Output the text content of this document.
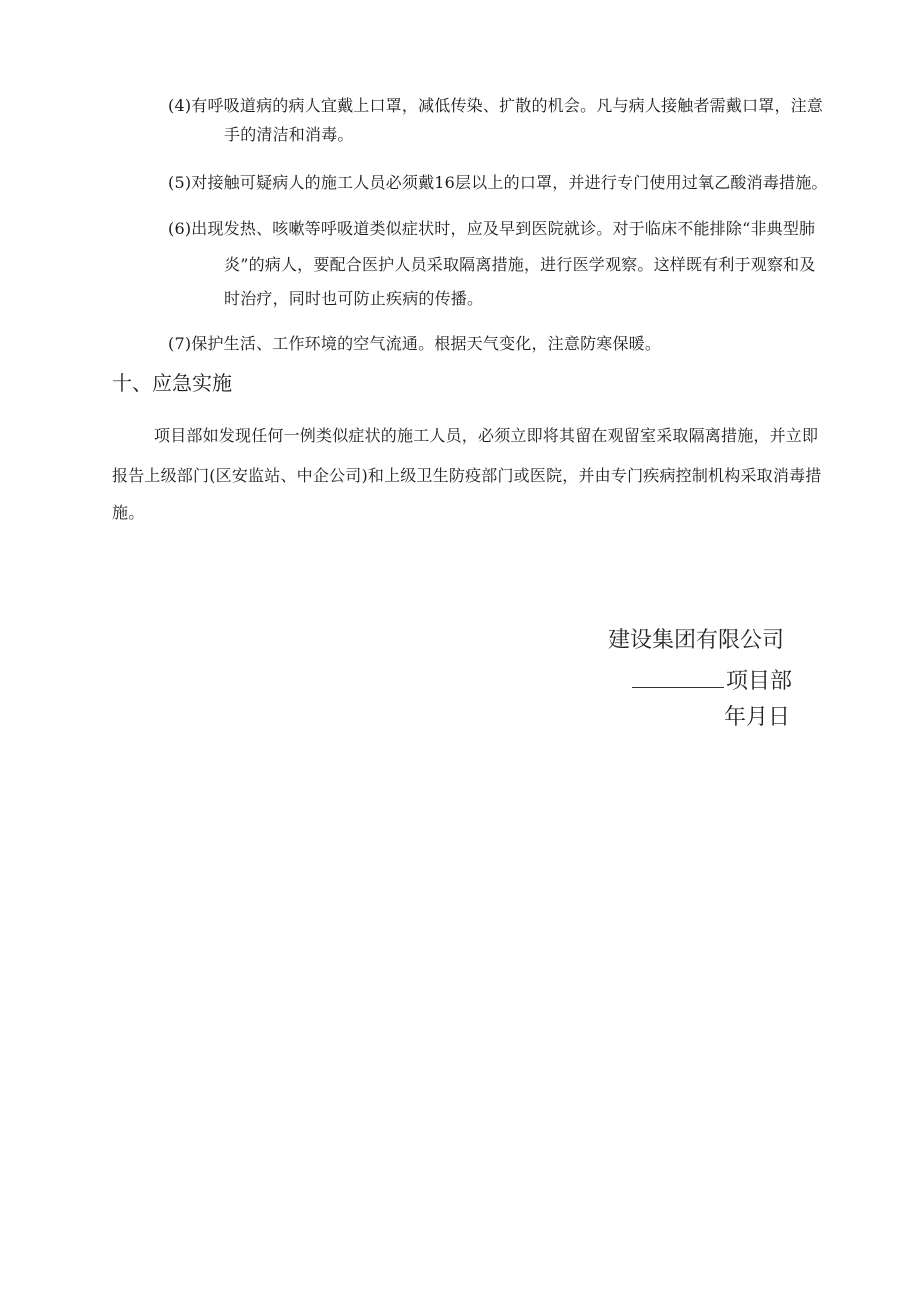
(4)有呼吸道病的病人宜戴上口罩，减低传染、扩散的机会。凡与病人接触者需戴口罩，注意
手的清洁和消毒。
(5)对接触可疑病人的施工人员必须戴16层以上的口罩，并进行专门使用过氧乙酸消毒措施。
(6)出现发热、咳嗽等呼吸道类似症状时，应及早到医院就诊。对于临床不能排除“非典型肺
炎”的病人，要配合医护人员采取隔离措施，进行医学观察。这样既有利于观察和及
时治疗，同时也可防止疾病的传播。
(7)保护生活、工作环境的空气流通。根据天气变化，注意防寒保暖。
十、应急实施
项目部如发现任何一例类似症状的施工人员，必须立即将其留在观留室采取隔离措施，并立即
报告上级部门(区安监站、中企公司)和上级卫生防疫部门或医院，并由专门疾病控制机构采取消毒措
施。
建设集团有限公司
项目部
年月日
